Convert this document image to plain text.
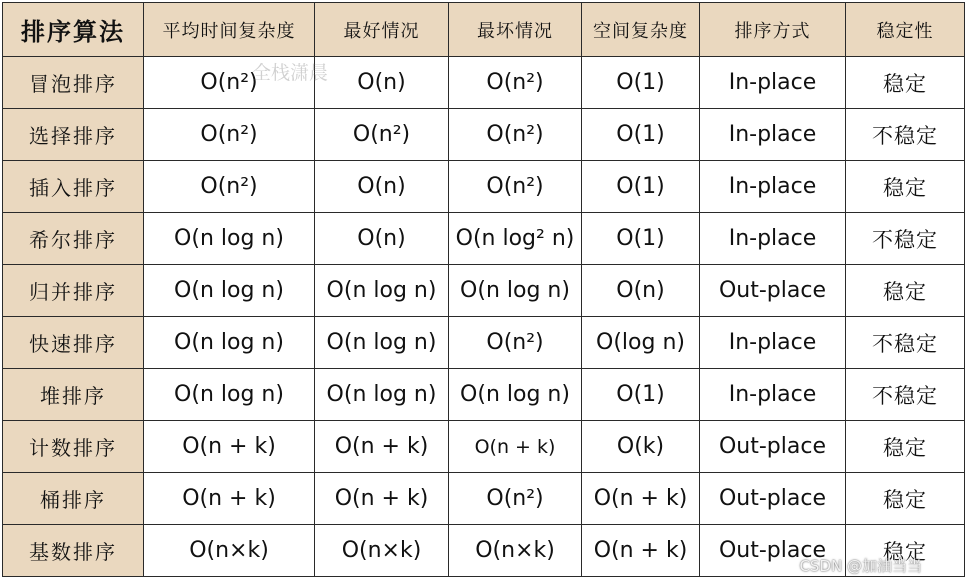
排序算法	平均时间复杂度	最好情况	最坏情况	空间复杂度	排序方式	稳定性
冒泡排序	O(n²)	O(n)	O(n²)	O(1)	In-place	稳定
选择排序	O(n²)	O(n²)	O(n²)	O(1)	In-place	不稳定
插入排序	O(n²)	O(n)	O(n²)	O(1)	In-place	稳定
希尔排序	O(n log n)	O(n)	O(n log² n)	O(1)	In-place	不稳定
归并排序	O(n log n)	O(n log n)	O(n log n)	O(n)	Out-place	稳定
快速排序	O(n log n)	O(n log n)	O(n²)	O(log n)	In-place	不稳定
堆排序	O(n log n)	O(n log n)	O(n log n)	O(1)	In-place	不稳定
计数排序	O(n + k)	O(n + k)	O(n + k)	O(k)	Out-place	稳定
桶排序	O(n + k)	O(n + k)	O(n²)	O(n + k)	Out-place	稳定
基数排序	O(n×k)	O(n×k)	O(n×k)	O(n + k)	Out-place	稳定
全栈潇晨
CSDN @加油当当
